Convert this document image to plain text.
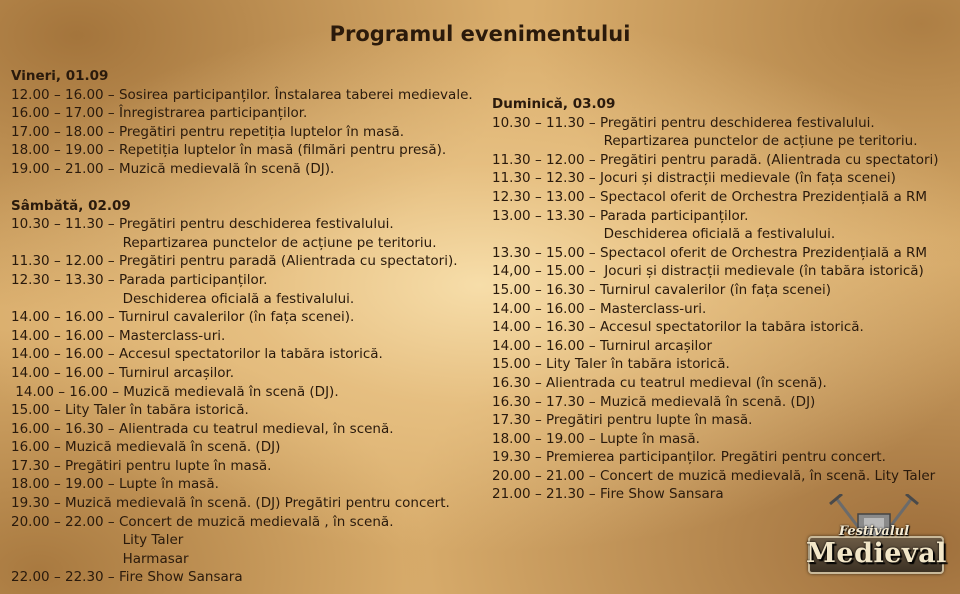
Programul evenimentului
Vineri, 01.09
12.00 – 16.00 – Sosirea participanților. Înstalarea taberei medievale.
16.00 – 17.00 – Înregistrarea participanților.
17.00 – 18.00 – Pregătiri pentru repetiția luptelor în masă.
18.00 – 19.00 – Repetiția luptelor în masă (filmări pentru presă).
19.00 – 21.00 – Muzică medievală în scenă (DJ).
Sâmbătă, 02.09
10.30 – 11.30 – Pregătiri pentru deschiderea festivalului.
Repartizarea punctelor de acțiune pe teritoriu.
11.30 – 12.00 – Pregătiri pentru paradă (Alientrada cu spectatori).
12.30 – 13.30 – Parada participanților.
Deschiderea oficială a festivalului.
14.00 – 16.00 – Turnirul cavalerilor (în fața scenei).
14.00 – 16.00 – Masterclass-uri.
14.00 – 16.00 – Accesul spectatorilor la tabăra istorică.
14.00 – 16.00 – Turnirul arcașilor.
14.00 – 16.00 – Muzică medievală în scenă (DJ).
15.00 – Lity Taler în tabăra istorică.
16.00 – 16.30 – Alientrada cu teatrul medieval, în scenă.
16.00 – Muzică medievală în scenă. (DJ)
17.30 – Pregătiri pentru lupte în masă.
18.00 – 19.00 – Lupte în masă.
19.30 – Muzică medievală în scenă. (DJ) Pregătiri pentru concert.
20.00 – 22.00 – Concert de muzică medievală , în scenă.
Lity Taler
Harmasar
22.00 – 22.30 – Fire Show Sansara
Duminică, 03.09
10.30 – 11.30 – Pregătiri pentru deschiderea festivalului.
Repartizarea punctelor de acțiune pe teritoriu.
11.30 – 12.00 – Pregătiri pentru paradă. (Alientrada cu spectatori)
11.30 – 12.30 – Jocuri și distracții medievale (în fața scenei)
12.30 – 13.00 – Spectacol oferit de Orchestra Prezidențială a RM
13.00 – 13.30 – Parada participanților.
Deschiderea oficială a festivalului.
13.30 – 15.00 – Spectacol oferit de Orchestra Prezidențială a RM
14,00 – 15.00 –  Jocuri și distracții medievale (în tabăra istorică)
15.00 – 16.30 – Turnirul cavalerilor (în fața scenei)
14.00 – 16.00 – Masterclass-uri.
14.00 – 16.30 – Accesul spectatorilor la tabăra istorică.
14.00 – 16.00 – Turnirul arcașilor
15.00 – Lity Taler în tabăra istorică.
16.30 – Alientrada cu teatrul medieval (în scenă).
16.30 – 17.30 – Muzică medievală în scenă. (DJ)
17.30 – Pregătiri pentru lupte în masă.
18.00 – 19.00 – Lupte în masă.
19.30 – Premierea participanților. Pregătiri pentru concert.
20.00 – 21.00 – Concert de muzică medievală, în scenă. Lity Taler
21.00 – 21.30 – Fire Show Sansara
Festivalul
Medieval
